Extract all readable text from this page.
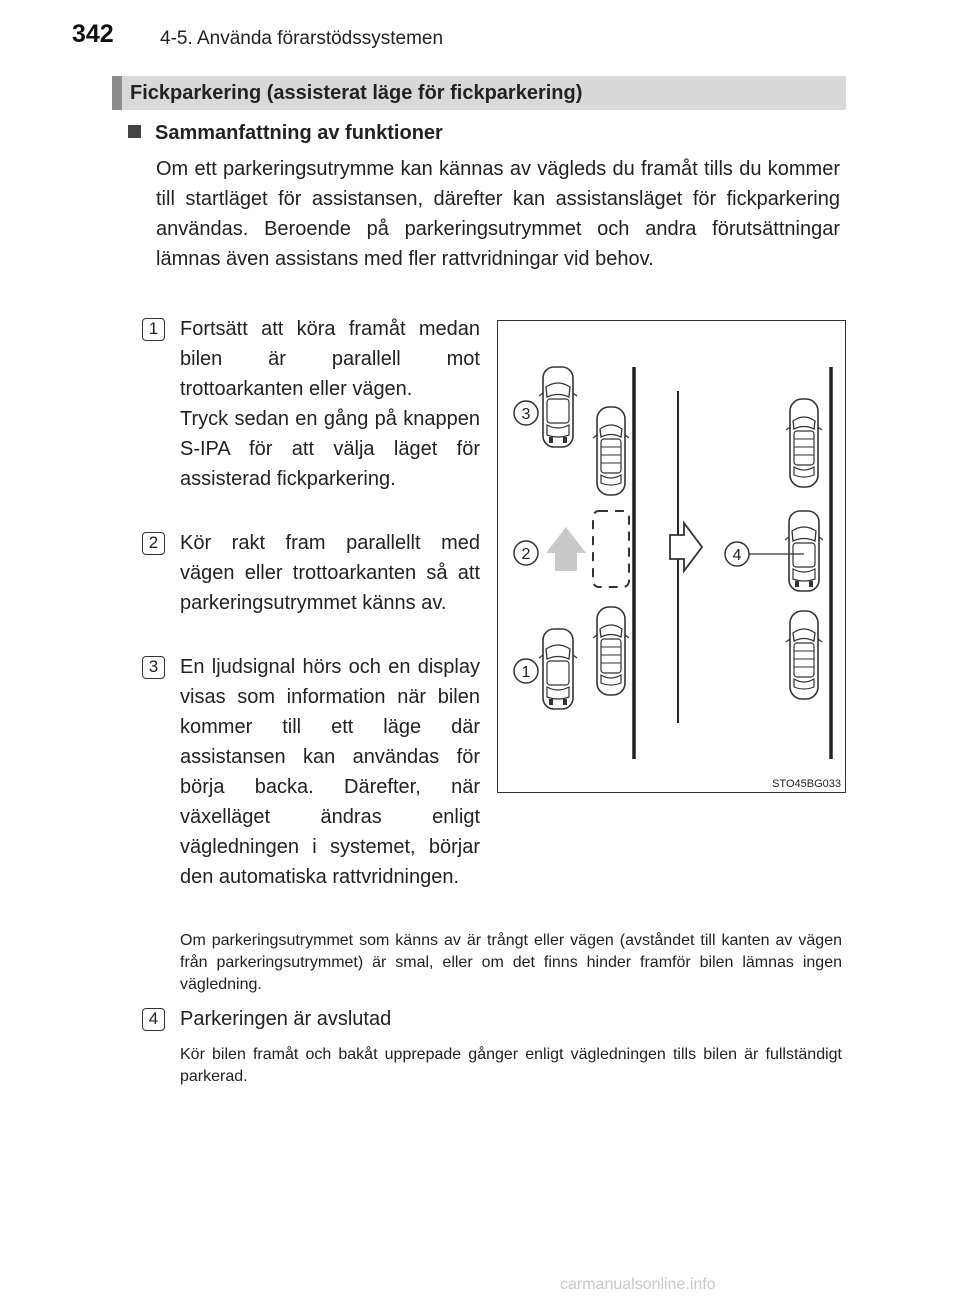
342 4-5. Använda förarstödssystemen
Fickparkering (assisterat läge för fickparkering)
Sammanfattning av funktioner
Om ett parkeringsutrymme kan kännas av vägleds du framåt tills du kommer till startläget för assistansen, därefter kan assistansläget för fickparkering användas. Beroende på parkeringsutrymmet och andra förutsättningar lämnas även assistans med fler rattvridningar vid behov.
1	Fortsätt att köra framåt medan bilen är parallell mot trottoarkanten eller vägen.

Tryck sedan en gång på knappen S-IPA för att välja läget för assisterad fickparkering.

2	Kör rakt fram parallellt med vägen eller trottoarkanten så att parkeringsutrymmet känns av.

3	En ljudsignal hörs och en display visas som information när bilen kommer till ett läge där assistansen kan användas för börja backa. Därefter, när växelläget ändras enligt vägledningen i systemet, börjar den automatiska rattvridningen.

Om parkeringsutrymmet som känns av är trångt eller vägen (avståndet till kanten av vägen från parkeringsutrymmet) är smal, eller om det finns hinder framför bilen lämnas ingen vägledning.
4	Parkeringen är avslutad
Kör bilen framåt och bakåt upprepade gånger enligt vägledningen tills bilen är fullständigt parkerad.
3
2
1
4
STO45BG033
carmanualsonline.info
